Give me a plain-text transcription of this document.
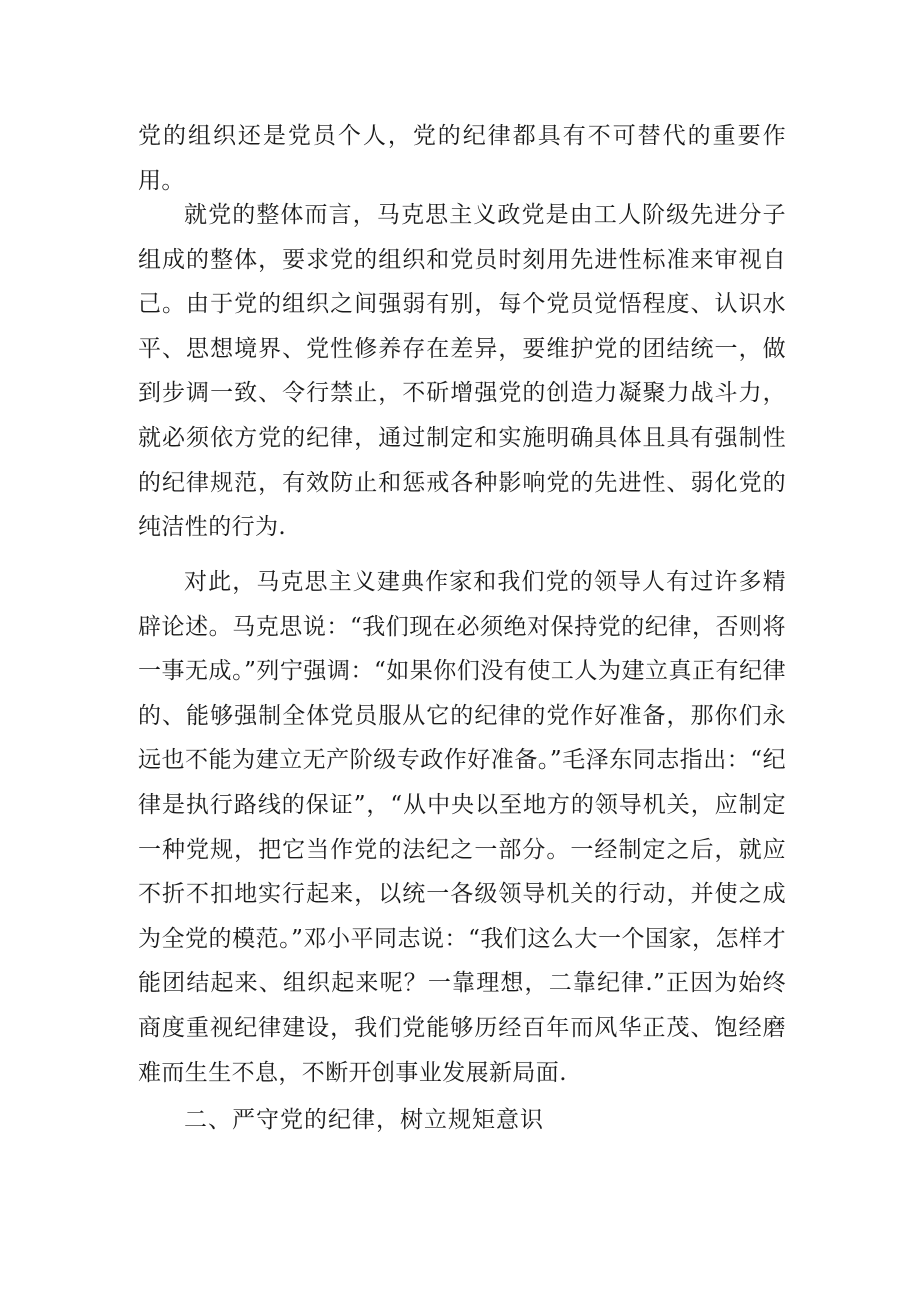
党的组织还是党员个人，党的纪律都具有不可替代的重要作用。

就党的整体而言，马克思主义政党是由工人阶级先进分子组成的整体，要求党的组织和党员时刻用先进性标准来审视自己。由于党的组织之间强弱有别，每个党员觉悟程度、认识水平、思想境界、党性修养存在差异，要维护党的团结统一，做到步调一致、令行禁止，不斫增强党的创造力凝聚力战斗力，就必须依方党的纪律，通过制定和实施明确具体且具有强制性的纪律规范，有效防止和惩戒各种影响党的先进性、弱化党的纯洁性的行为.

对此，马克思主义建典作家和我们党的领导人有过许多精辟论述。马克思说：“我们现在必须绝对保持党的纪律，否则将一事无成。”列宁强调：“如果你们没有使工人为建立真正有纪律的、能够强制全体党员服从它的纪律的党作好准备，那你们永远也不能为建立无产阶级专政作好准备。”毛泽东同志指出：“纪律是执行路线的保证”，“从中央以至地方的领导机关，应制定一种党规，把它当作党的法纪之一部分。一经制定之后，就应不折不扣地实行起来，以统一各级领导机关的行动，并使之成为全党的模范。”邓小平同志说：“我们这么大一个国家，怎样才能团结起来、组织起来呢？一靠理想，二靠纪律.”正因为始终商度重视纪律建设，我们党能够历经百年而风华正茂、饱经磨难而生生不息，不断开创事业发展新局面.

二、严守党的纪律，树立规矩意识
